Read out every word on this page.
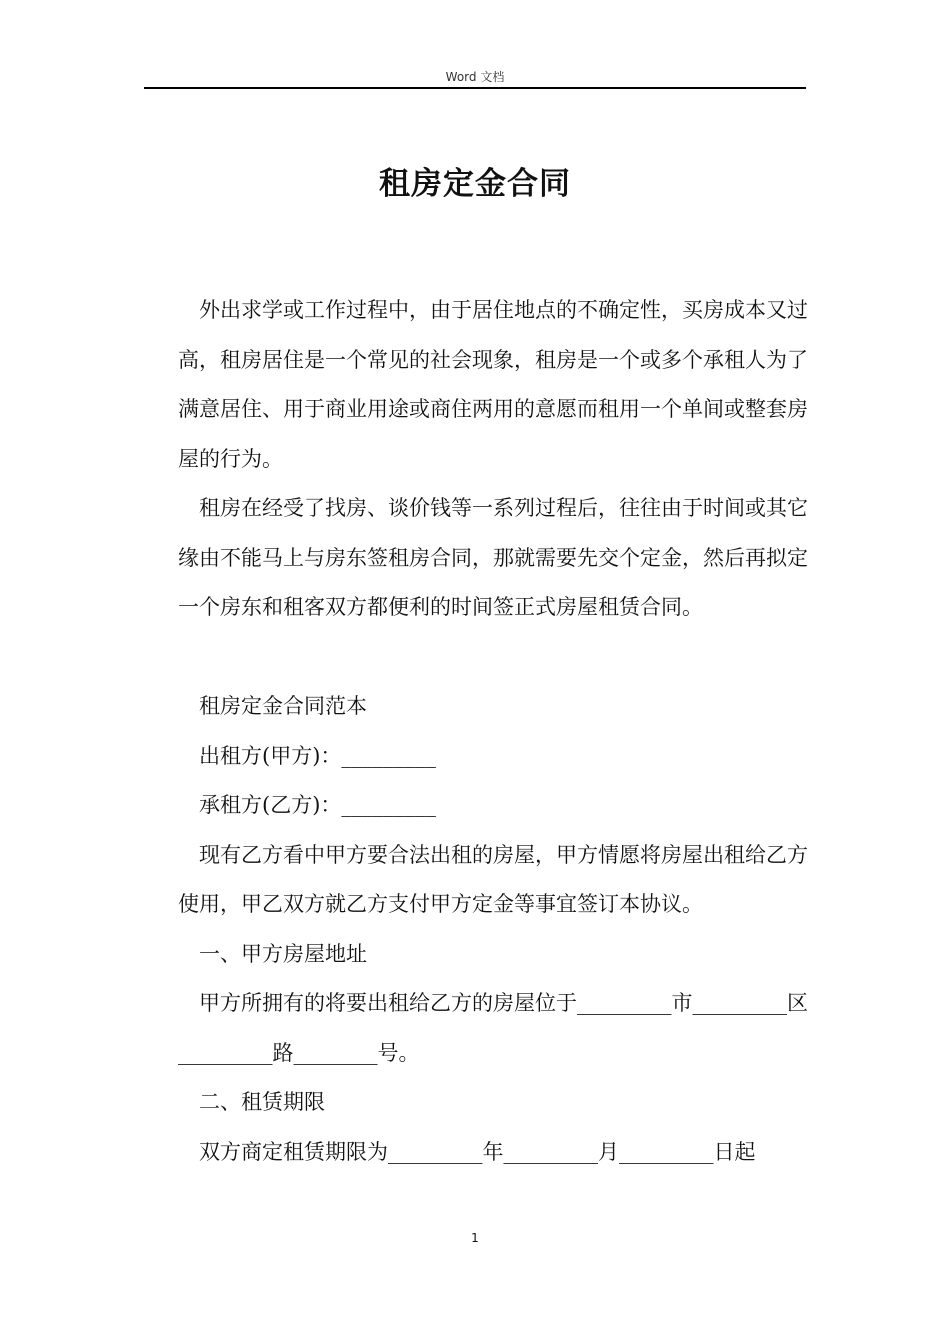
Word 文档
租房定金合同

外出求学或工作过程中，由于居住地点的不确定性，买房成本又过高，租房居住是一个常见的社会现象，租房是一个或多个承租人为了满意居住、用于商业用途或商住两用的意愿而租用一个单间或整套房屋的行为。

租房在经受了找房、谈价钱等一系列过程后，往往由于时间或其它缘由不能马上与房东签租房合同，那就需要先交个定金，然后再拟定一个房东和租客双方都便利的时间签正式房屋租赁合同。

租房定金合同范本

出租方(甲方)：_________

承租方(乙方)：_________

现有乙方看中甲方要合法出租的房屋，甲方情愿将房屋出租给乙方使用，甲乙双方就乙方支付甲方定金等事宜签订本协议。

一、甲方房屋地址

甲方所拥有的将要出租给乙方的房屋位于_________市_________区_________路________号。

二、租赁期限

双方商定租赁期限为_________年_________月_________日起

1
